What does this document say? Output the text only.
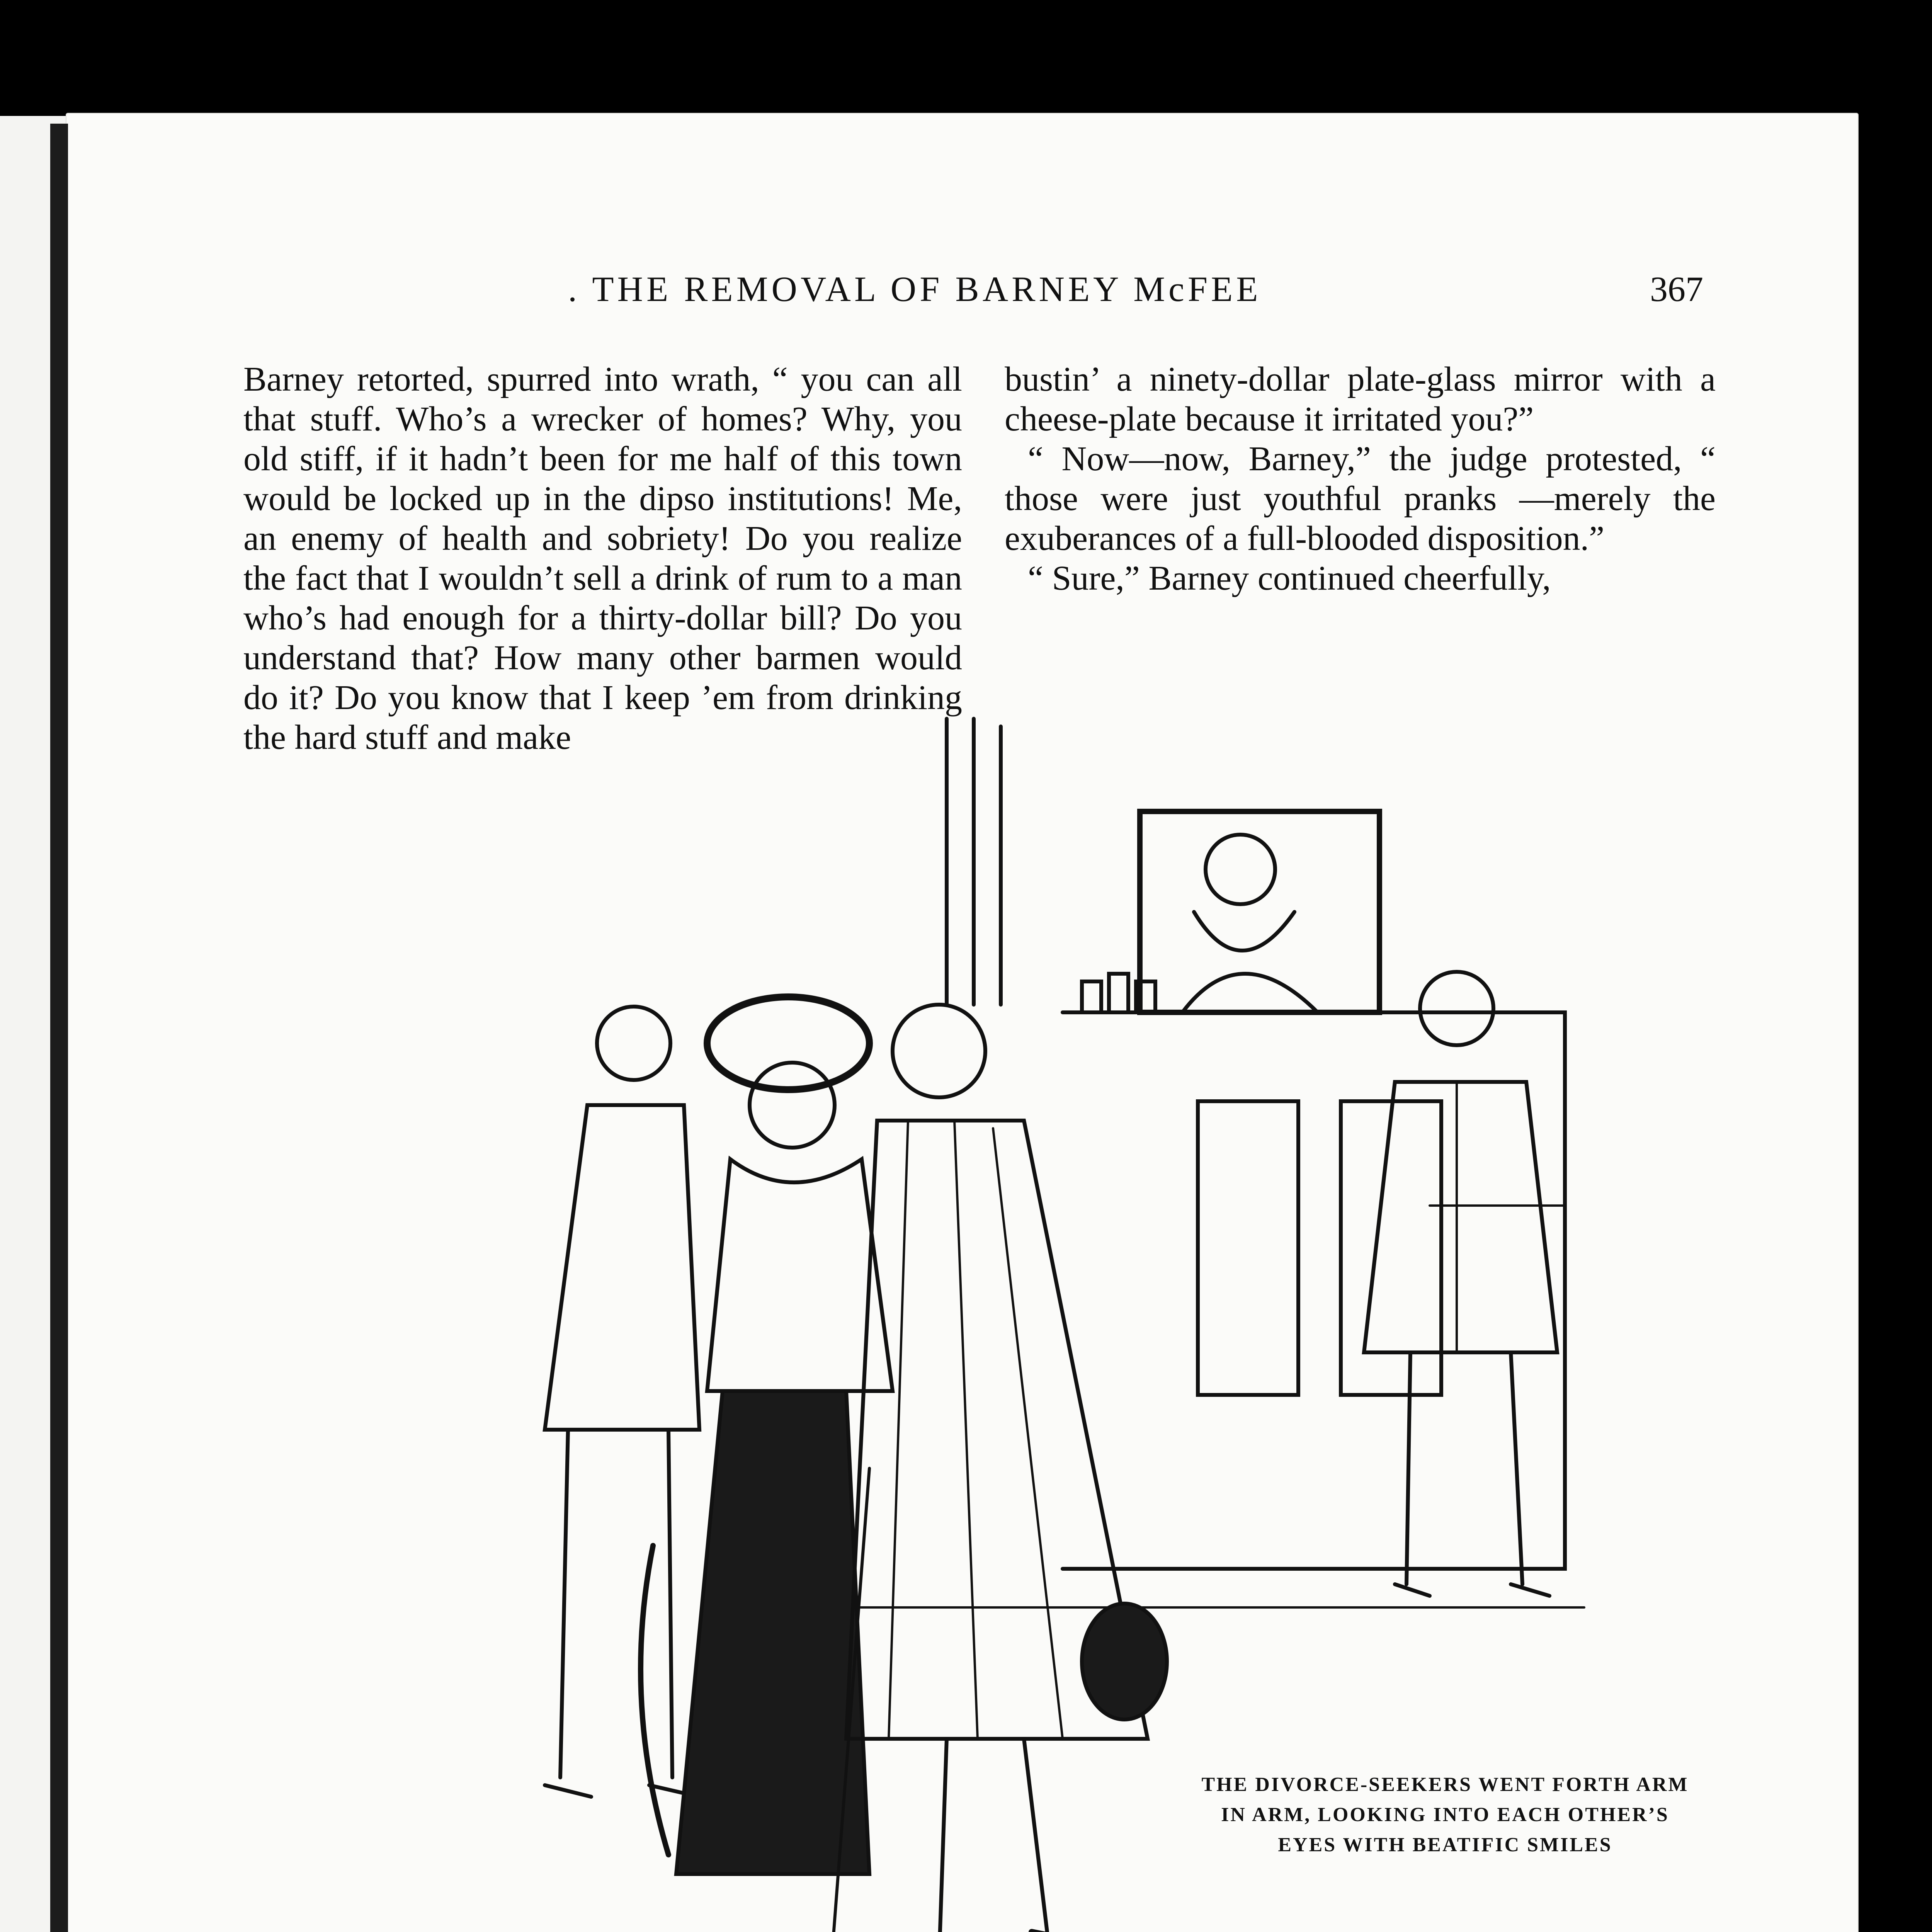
. THE REMOVAL OF BARNEY McFEE	367

Barney retorted, spurred into wrath, “ you can all that stuff. Who’s a wrecker of homes? Why, you old stiff, if it hadn’t been for me half of this town would be locked up in the dipso institutions! Me, an enemy of health and sobriety! Do you realize the fact that I wouldn’t sell a drink of rum to a man who’s had enough for a thirty-dollar bill? Do you understand that? How many other barmen would do it? Do you know that I keep ’em from drinking the hard stuff and make

bustin’ a ninety-dollar plate-glass mirror with a cheese-plate because it irritated you?”

“ Now—now, Barney,” the judge protested, “ those were just youthful pranks —merely the exuberances of a full-blooded disposition.”

“ Sure,” Barney continued cheerfully,

THE DIVORCE-SEEKERS WENT FORTH ARM IN ARM, LOOKING INTO EACH OTHER’S EYES WITH BEATIFIC SMILES
